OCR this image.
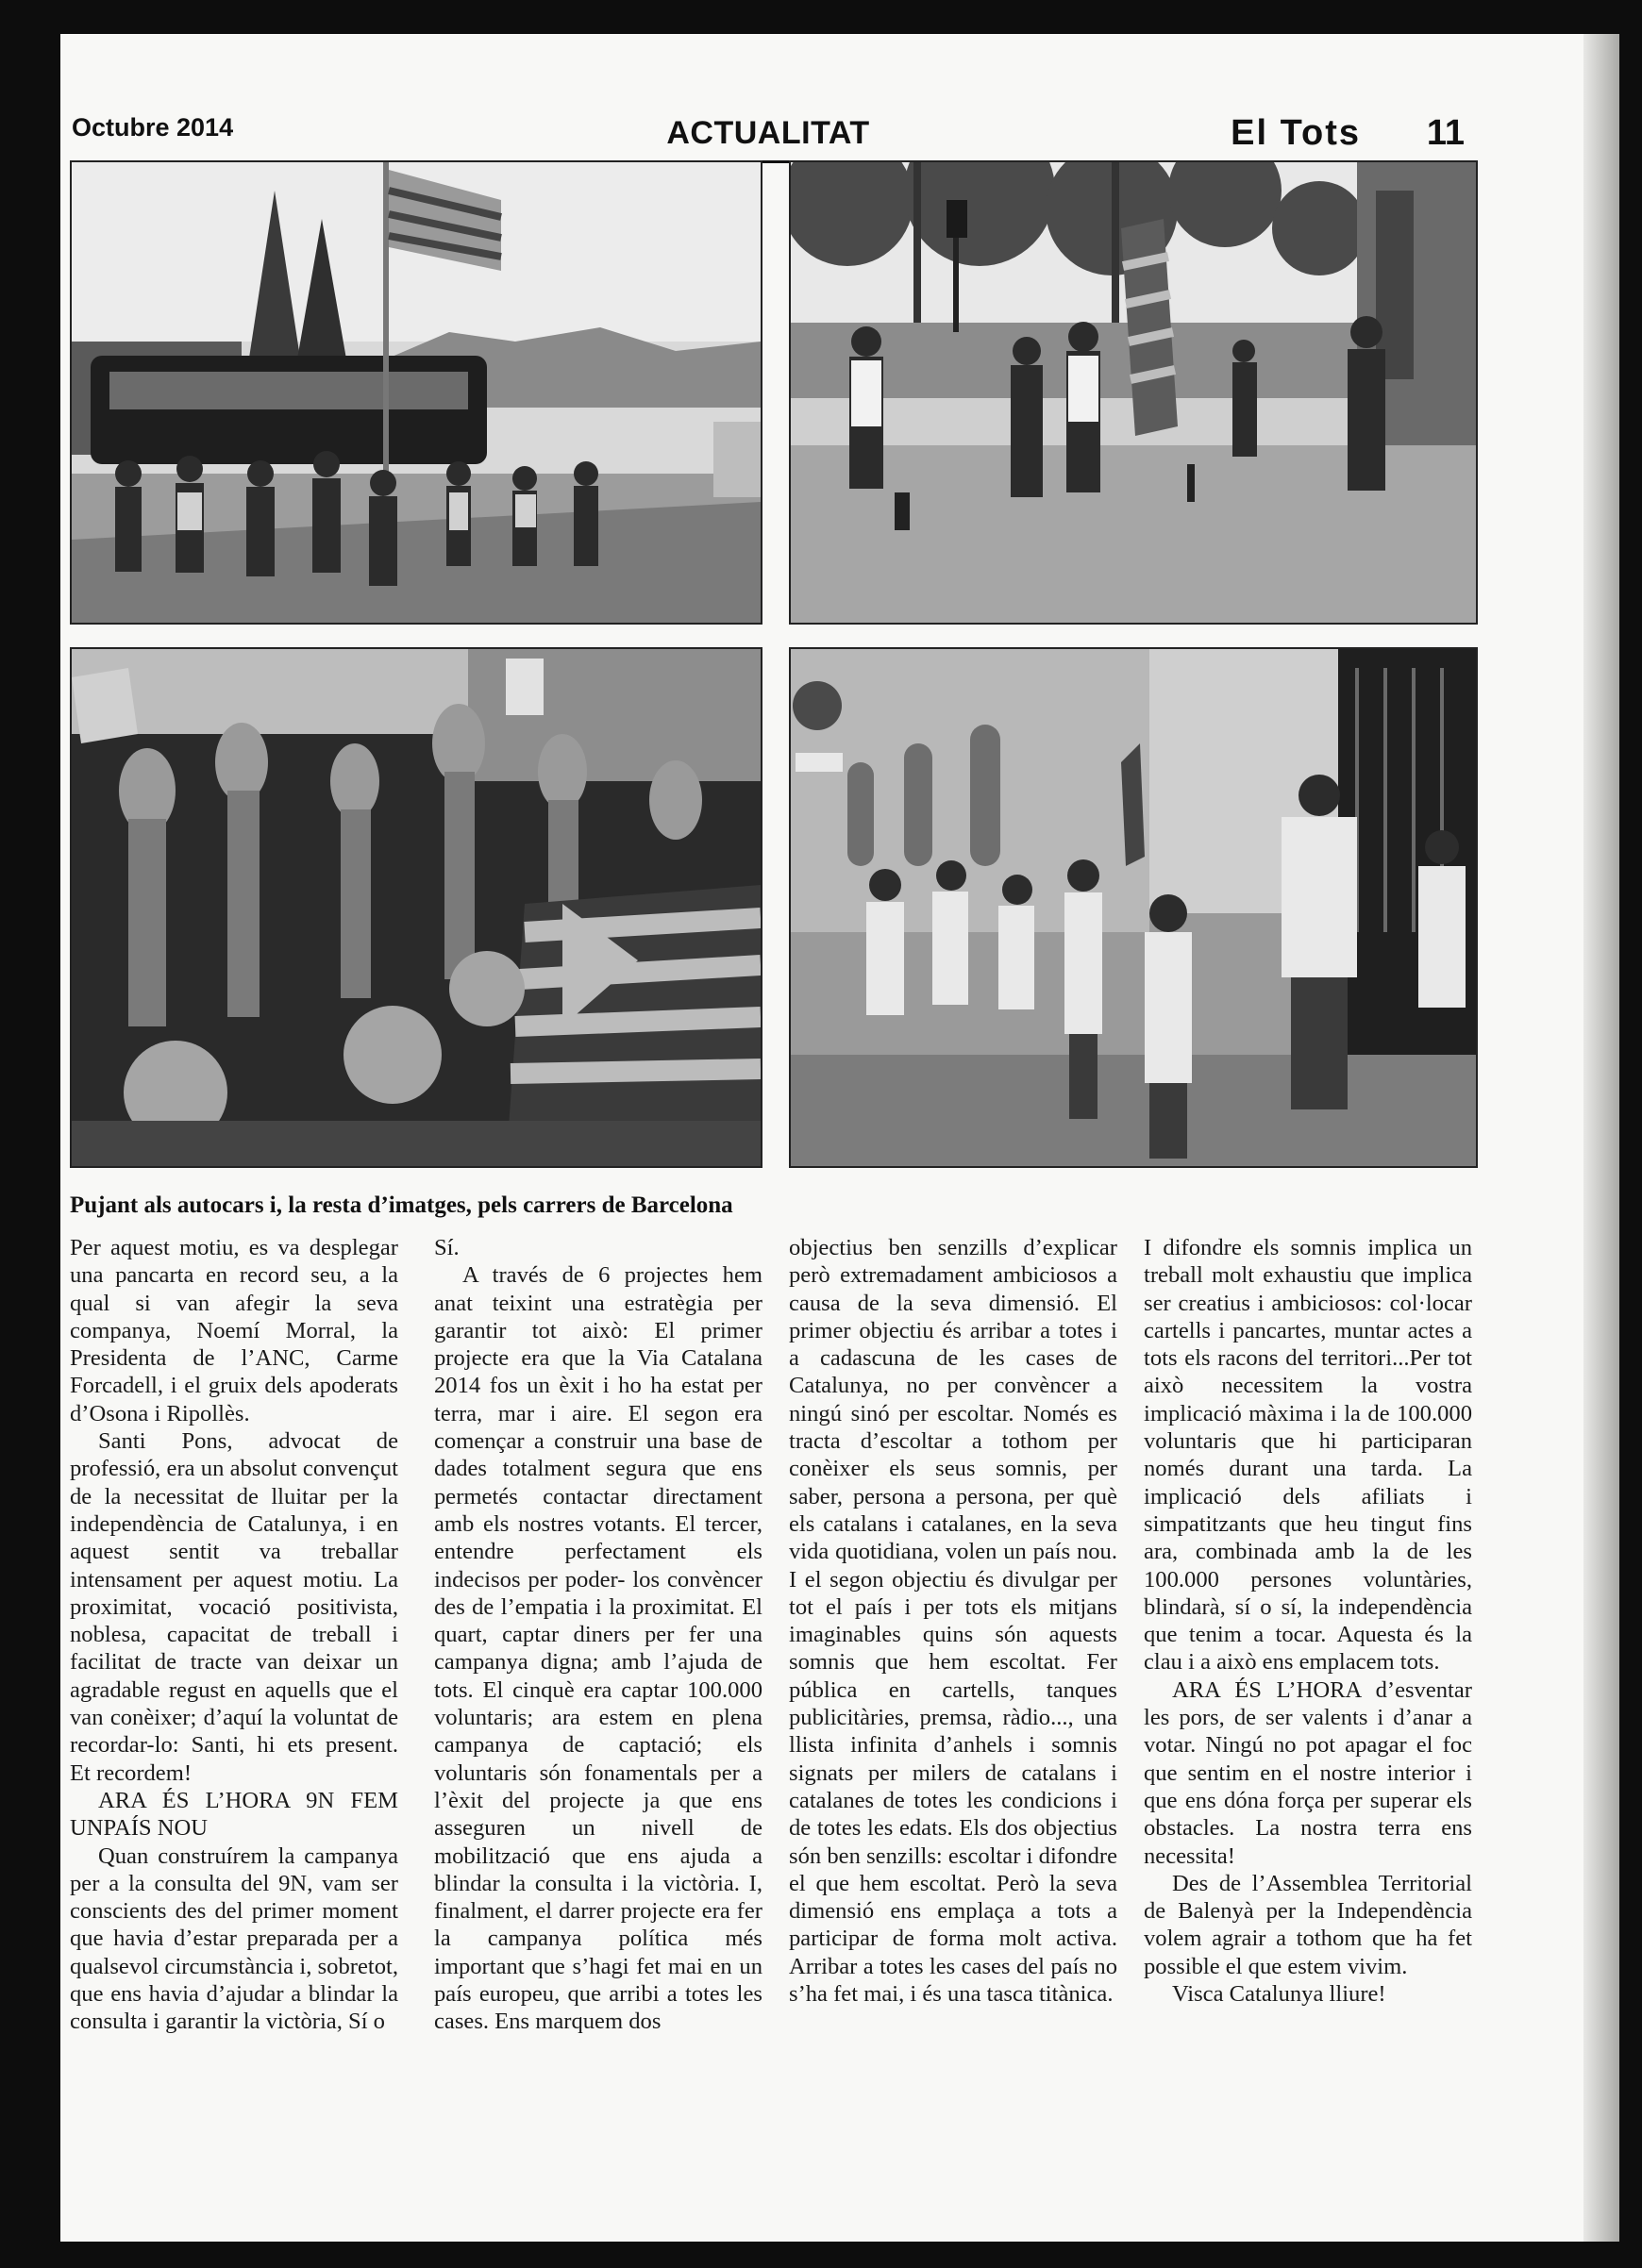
Octubre 2014	ACTUALITAT	El Tots 11
Pujant als autocars i, la resta d’imatges, pels carrers de Barcelona

Per aquest motiu, es va desplegar una pancarta en record seu, a la qual si van afegir la seva companya, Noemí Morral, la Presidenta de l’ANC, Carme Forcadell, i el gruix dels apoderats d’Osona i Ripollès.

Santi Pons, advocat de professió, era un absolut convençut de la necessitat de lluitar per la independència de Catalunya, i en aquest sentit va treballar intensament per aquest motiu. La proximitat, vocació positivista, noblesa, capacitat de treball i facilitat de tracte van deixar un agradable regust en aquells que el van conèixer; d’aquí la voluntat de recordar-lo: Santi, hi ets present. Et recordem!

ARA ÉS L’HORA 9N FEM UNPAÍS NOU

Quan construírem la campanya per a la consulta del 9N, vam ser conscients des del primer moment que havia d’estar preparada per a qualsevol circumstància i, sobretot, que ens havia d’ajudar a blindar la consulta i garantir la victòria, Sí o

Sí.

A través de 6 projectes hem anat teixint una estratègia per garantir tot això: El primer projecte era que la Via Catalana 2014 fos un èxit i ho ha estat per terra, mar i aire. El segon era començar a construir una base de dades totalment segura que ens permetés contactar directament amb els nostres votants. El tercer, entendre perfectament els indecisos per poder- los convèncer des de l’empatia i la proximitat. El quart, captar diners per fer una campanya digna; amb l’ajuda de tots. El cinquè era captar 100.000 voluntaris; ara estem en plena campanya de captació; els voluntaris són fonamentals per a l’èxit del projecte ja que ens asseguren un nivell de mobilització que ens ajuda a blindar la consulta i la victòria. I, finalment, el darrer projecte era fer la campanya política més important que s’hagi fet mai en un país europeu, que arribi a totes les cases. Ens marquem dos

objectius ben senzills d’explicar però extremadament ambiciosos a causa de la seva dimensió. El primer objectiu és arribar a totes i a cadascuna de les cases de Catalunya, no per convèncer a ningú sinó per escoltar. Només es tracta d’escoltar a tothom per conèixer els seus somnis, per saber, persona a persona, per què els catalans i catalanes, en la seva vida quotidiana, volen un país nou. I el segon objectiu és divulgar per tot el país i per tots els mitjans imaginables quins són aquests somnis que hem escoltat. Fer pública en cartells, tanques publicitàries, premsa, ràdio..., una llista infinita d’anhels i somnis signats per milers de catalans i catalanes de totes les condicions i de totes les edats. Els dos objectius són ben senzills: escoltar i difondre el que hem escoltat. Però la seva dimensió ens emplaça a tots a participar de forma molt activa. Arribar a totes les cases del país no s’ha fet mai, i és una tasca titànica.

I difondre els somnis implica un treball molt exhaustiu que implica ser creatius i ambiciosos: col·locar cartells i pancartes, muntar actes a tots els racons del territori...Per tot això necessitem la vostra implicació màxima i la de 100.000 voluntaris que hi participaran només durant una tarda. La implicació dels afiliats i simpatitzants que heu tingut fins ara, combinada amb la de les 100.000 persones voluntàries, blindarà, sí o sí, la independència que tenim a tocar. Aquesta és la clau i a això ens emplacem tots.

ARA ÉS L’HORA d’esventar les pors, de ser valents i d’anar a votar. Ningú no pot apagar el foc que sentim en el nostre interior i que ens dóna força per superar els obstacles. La nostra terra ens necessita!

Des de l’Assemblea Territorial de Balenyà per la Independència volem agrair a tothom que ha fet possible el que estem vivim.

Visca Catalunya lliure!
